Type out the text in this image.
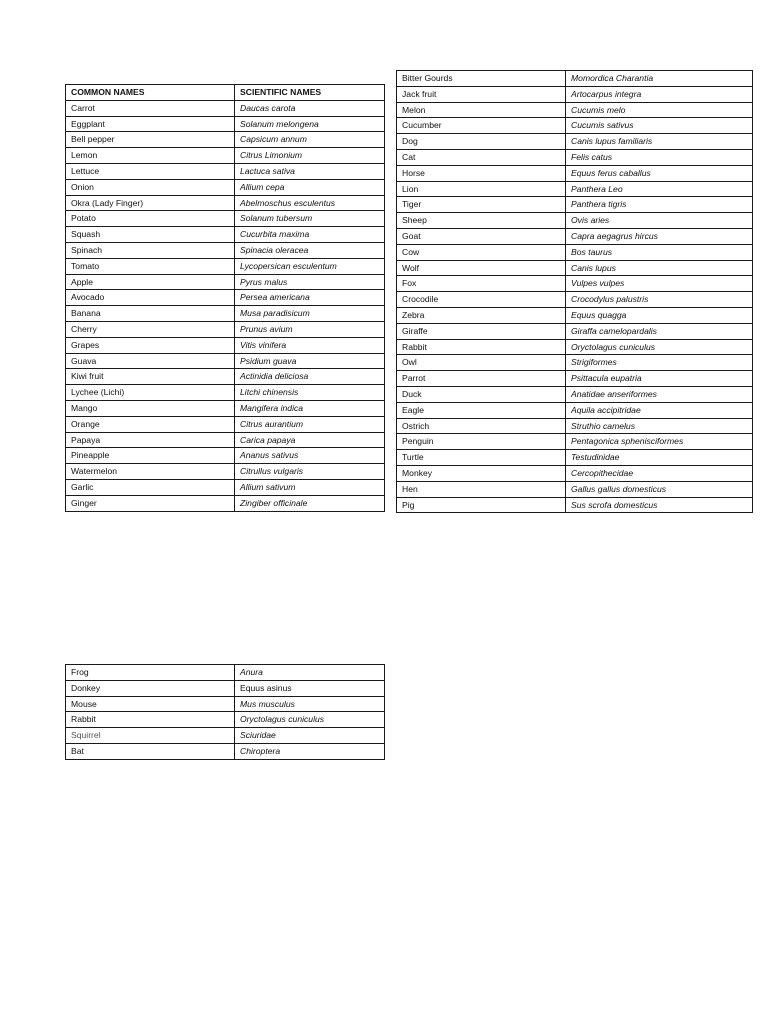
COMMON NAMES	SCIENTIFIC NAMES
Carrot	Daucas carota
Eggplant	Solanum melongena
Bell pepper	Capsicum annum
Lemon	Citrus Limonium
Lettuce	Lactuca sativa
Onion	Allium cepa
Okra (Lady Finger)	Abelmoschus esculentus
Potato	Solanum tubersum
Squash	Cucurbita maxima
Spinach	Spinacia oleracea
Tomato	Lycopersican esculentum
Apple	Pyrus malus
Avocado	Persea americana
Banana	Musa paradisicum
Cherry	Prunus avium
Grapes	Vitis vinifera
Guava	Psidium guava
Kiwi fruit	Actinidia deliciosa
Lychee (Lichi)	Litchi chinensis
Mango	Mangifera indica
Orange	Citrus aurantium
Papaya	Carica papaya
Pineapple	Ananus sativus
Watermelon	Citrullus vulgaris
Garlic	Allium sativum
Ginger	Zingiber officinale
Bitter Gourds	Momordica Charantia
Jack fruit	Artocarpus integra
Melon	Cucumis melo
Cucumber	Cucumis sativus
Dog	Canis lupus familiaris
Cat	Felis catus
Horse	Equus ferus caballus
Lion	Panthera Leo
Tiger	Panthera tigris
Sheep	Ovis aries
Goat	Capra aegagrus hircus
Cow	Bos taurus
Wolf	Canis lupus
Fox	Vulpes vulpes
Crocodile	Crocodylus palustris
Zebra	Equus quagga
Giraffe	Giraffa camelopardalis
Rabbit	Oryctolagus cuniculus
Owl	Strigiformes
Parrot	Psittacula eupatria
Duck	Anatidae anseriformes
Eagle	Aquila accipitridae
Ostrich	Struthio camelus
Penguin	Pentagonica sphenisciformes
Turtle	Testudinidae
Monkey	Cercopithecidae
Hen	Gallus gallus domesticus
Pig	Sus scrofa domesticus
Frog	Anura
Donkey	Equus asinus
Mouse	Mus musculus
Rabbit	Oryctolagus cuniculus
Squirrel	Sciuridae
Bat	Chiroptera
